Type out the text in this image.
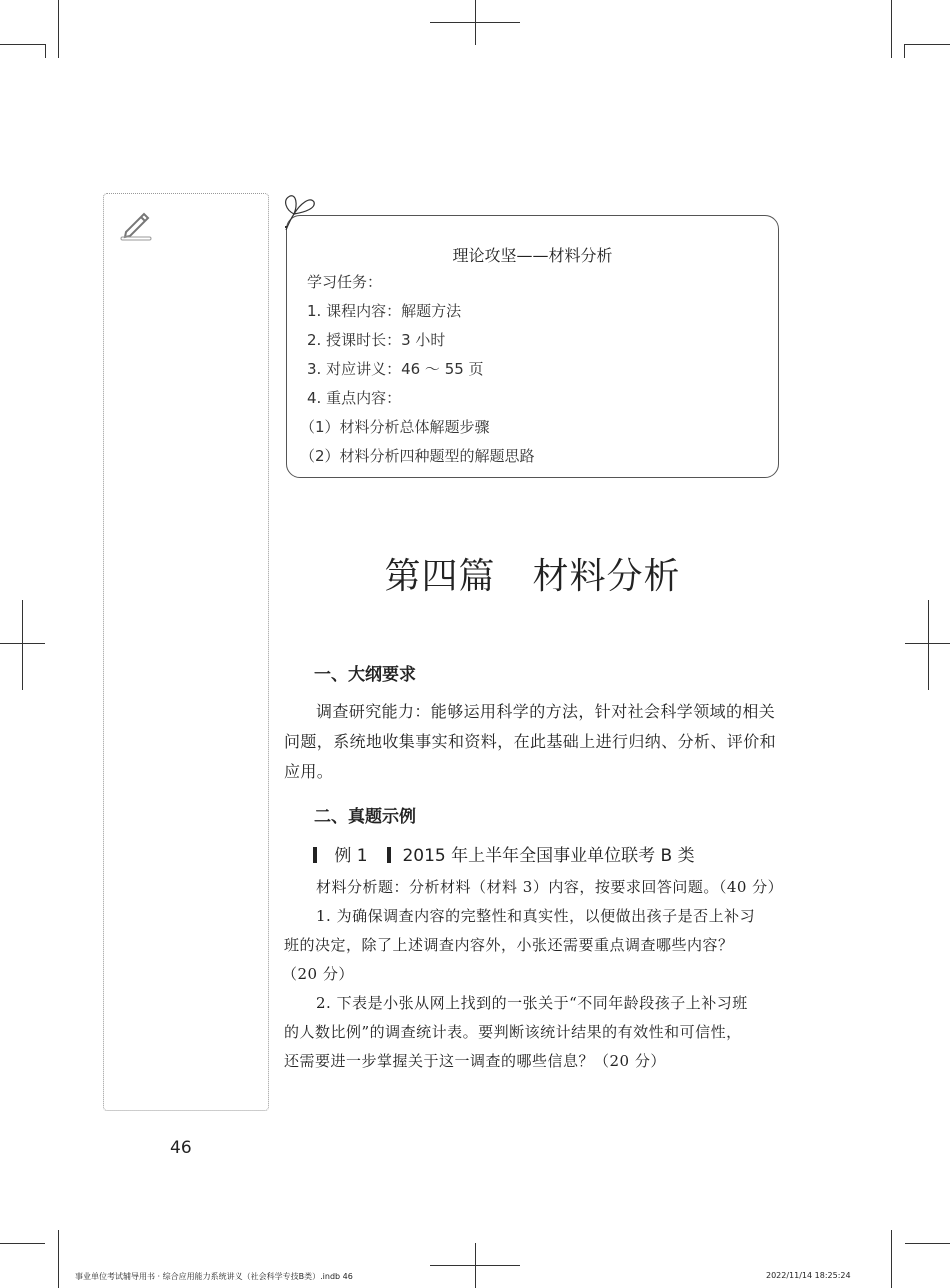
理论攻坚——材料分析
学习任务：
1. 课程内容：解题方法
2. 授课时长：3 小时
3. 对应讲义：46 ～ 55 页
4. 重点内容：
（1）材料分析总体解题步骤
（2）材料分析四种题型的解题思路
第四篇　材料分析
一、大纲要求
调查研究能力：能够运用科学的方法，针对社会科学领域的相关
问题，系统地收集事实和资料，在此基础上进行归纳、分析、评价和
应用。
二、真题示例
例 1 2015 年上半年全国事业单位联考 B 类
材料分析题：分析材料（材料 3）内容，按要求回答问题。（40 分）
1. 为确保调查内容的完整性和真实性，以便做出孩子是否上补习
班的决定，除了上述调查内容外，小张还需要重点调查哪些内容？
（20 分）
2. 下表是小张从网上找到的一张关于“不同年龄段孩子上补习班
的人数比例”的调查统计表。要判断该统计结果的有效性和可信性，
还需要进一步掌握关于这一调查的哪些信息？（20 分）
46
事业单位考试辅导用书 · 综合应用能力系统讲义（社会科学专技B类）.indb 46	2022/11/14 18:25:24
